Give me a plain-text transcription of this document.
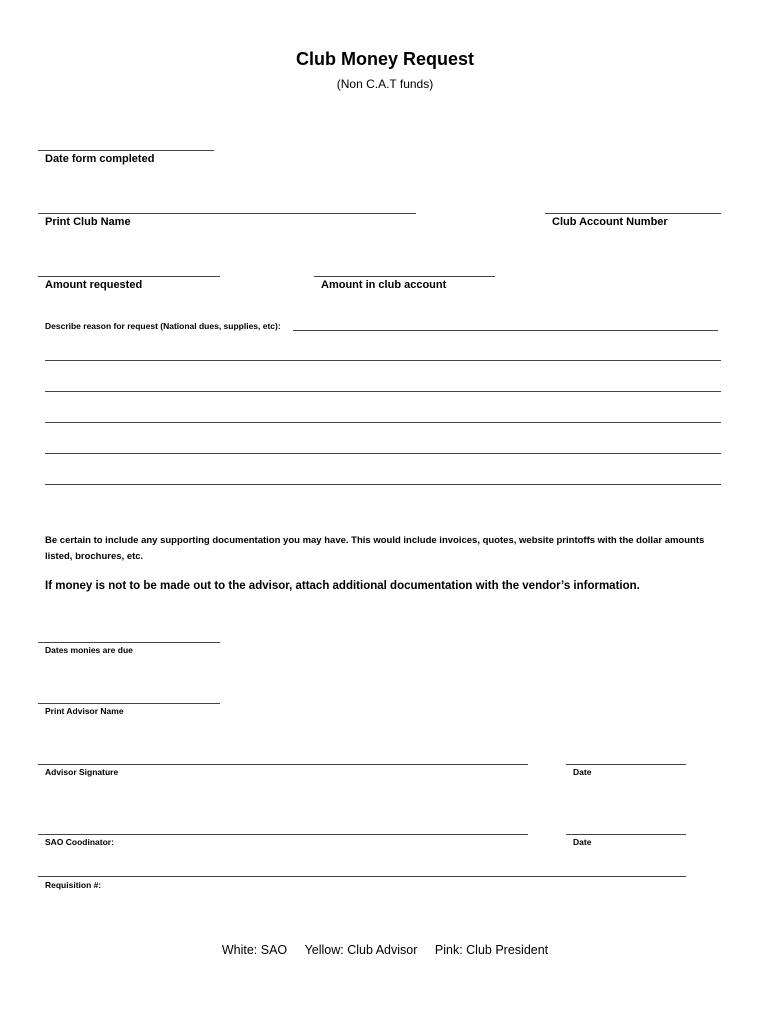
Club Money Request
(Non C.A.T funds)
Date form completed
Print Club Name	Club Account Number
Amount requested	Amount in club account
Describe reason for request (National dues, supplies, etc):
Be certain to include any supporting documentation you may have. This would include invoices, quotes, website printoffs with the dollar amounts listed, brochures, etc.
If money is not to be made out to the advisor, attach additional documentation with the vendor’s information.
Dates monies are due
Print Advisor Name
Advisor Signature	Date
SAO Coodinator:	Date
Requisition #:
White: SAO Yellow: Club Advisor Pink: Club President
